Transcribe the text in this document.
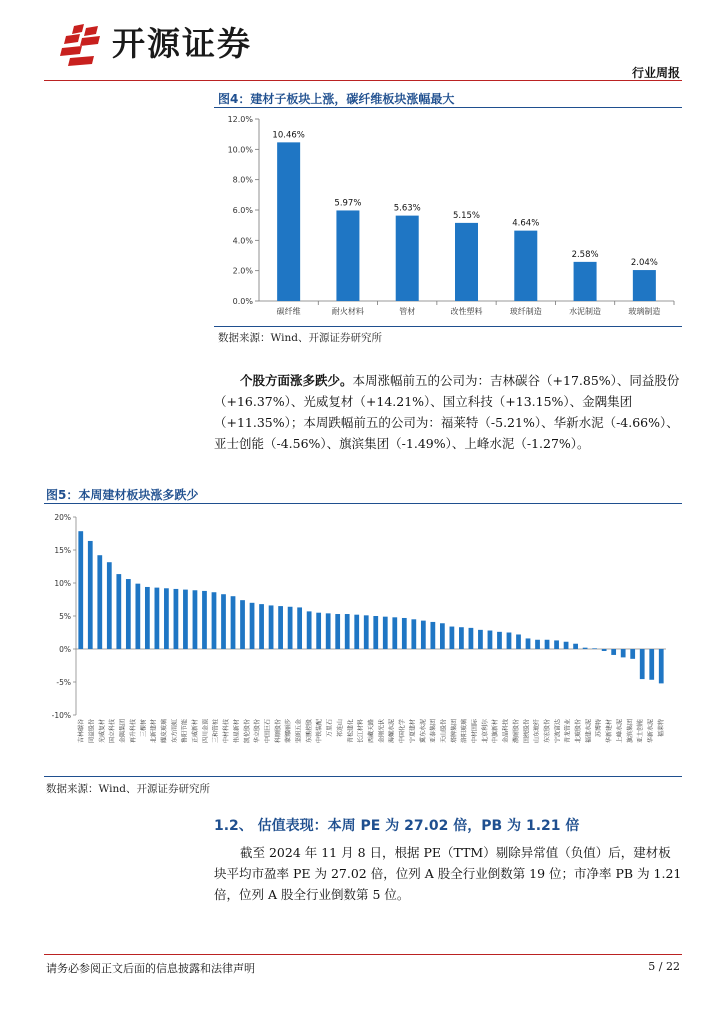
开源证券
行业周报
图4：建材子板块上涨，碳纤维板块涨幅最大
0.0%
2.0%
4.0%
6.0%
8.0%
10.0%
12.0%
10.46%
碳纤维
5.97%
耐火材料
5.63%
管材
5.15%
改性塑料
4.64%
玻纤制造
2.58%
水泥制造
2.04%
玻璃制造
数据来源：Wind、开源证券研究所
个股方面涨多跌少。本周涨幅前五的公司为：吉林碳谷（+17.85%）、同益股份（+16.37%）、光威复材（+14.21%）、国立科技（+13.15%）、金隅集团（+11.35%）；本周跌幅前五的公司为：福莱特（-5.21%）、华新水泥（-4.66%）、亚士创能（-4.56%）、旗滨集团（-1.49%）、上峰水泥（-1.27%）。
图5：本周建材板块涨多跌少
-10%
-5%
0%
5%
10%
15%
20%
吉林碳谷 同益股份 光威复材 国立科技 金隅集团 再升科技 三棵树 北新建材 耀皮玻璃 东方雨虹 鲁阳节能 正威新材 四川金顶 三和管桩 中材科技 伟星新材 凯伦股份 华立股份 中国巨石 科顺股份 蒙娜丽莎 坚朗五金 东鹏控股 中铁装配 万里石 祁连山 青松建化 长江材料 西藏天路 金刚光伏 海螺水泥 中国化学 宁夏建材 冀东水泥 亚泰集团 天山股份 塔牌集团 洛阳玻璃 中材国际 北京利尔 中旗新材 金晶科技 濮耐股份 国统股份 山东玻纤 东宏股份 宁波富达 青龙管业 北玻股份 福建水泥 苏博特 华新建材 上峰水泥 旗滨集团 亚士创能 华新水泥 福莱特
数据来源：Wind、开源证券研究所
1.2、 估值表现：本周 PE 为 27.02 倍，PB 为 1.21 倍
截至 2024 年 11 月 8 日，根据 PE（TTM）剔除异常值（负值）后，建材板块平均市盈率 PE 为 27.02 倍，位列 A 股全行业倒数第 19 位；市净率 PB 为 1.21 倍，位列 A 股全行业倒数第 5 位。
请务必参阅正文后面的信息披露和法律声明	5 / 22
